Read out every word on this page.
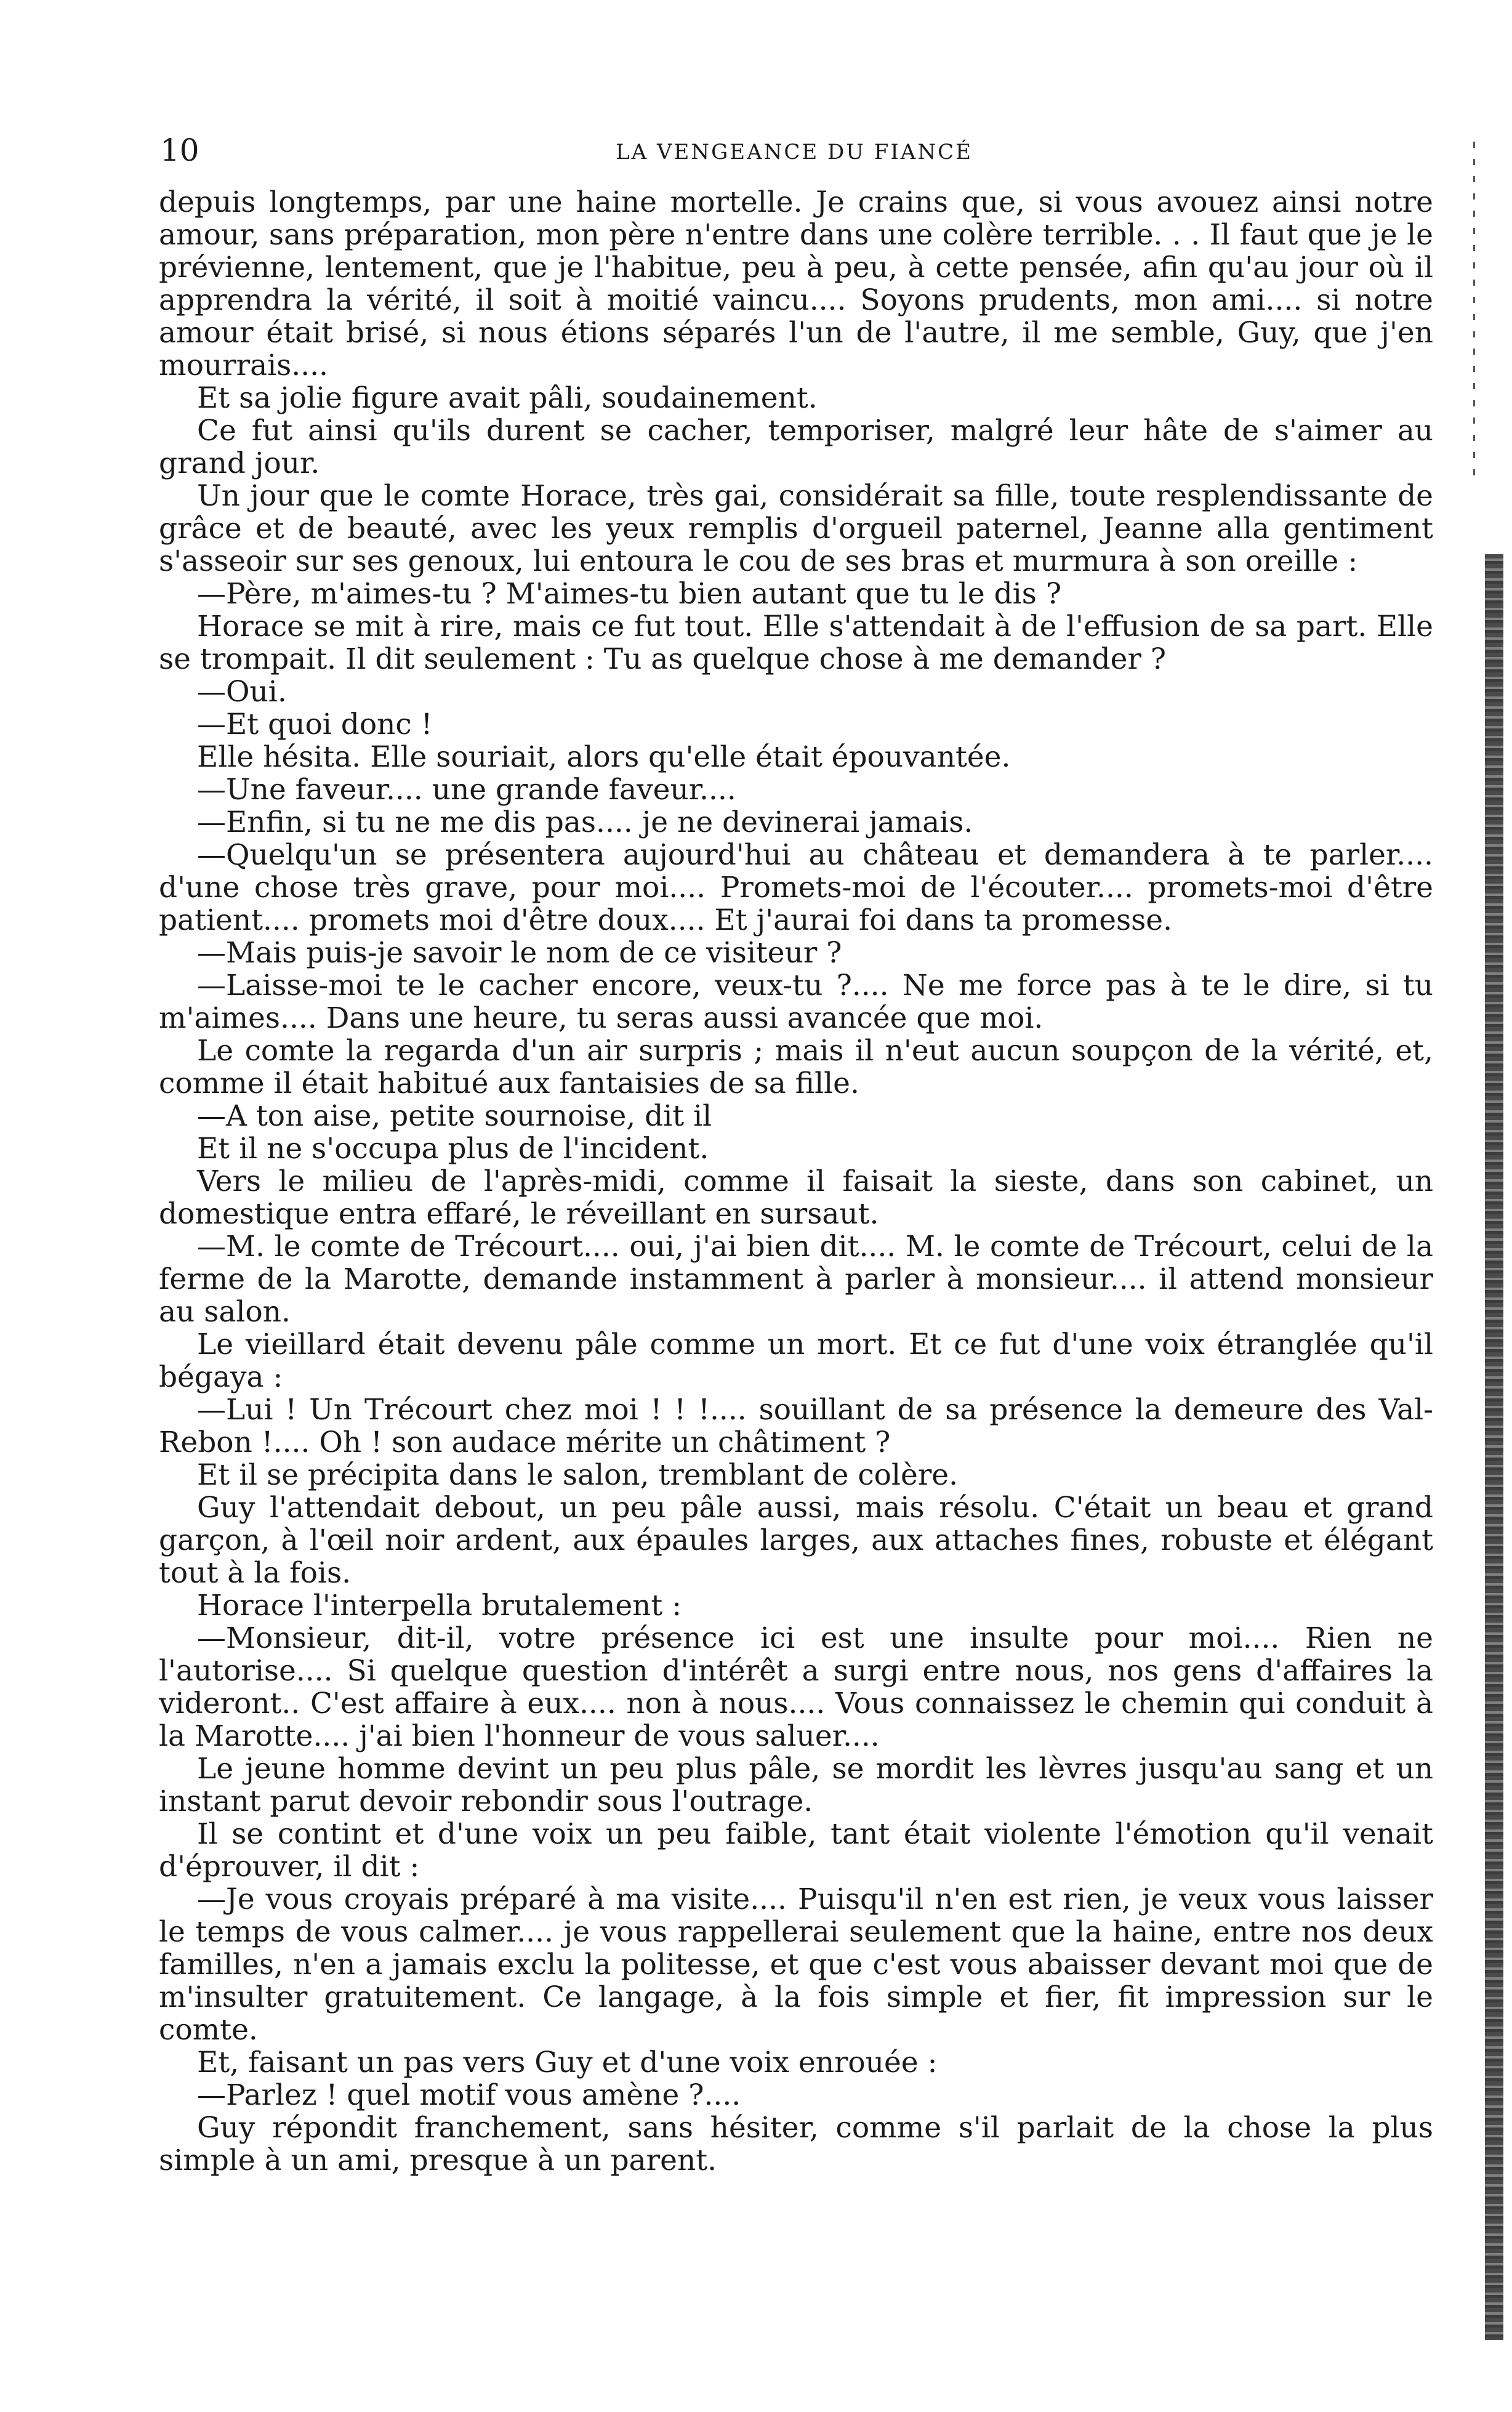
10	LA VENGEANCE DU FIANCÉ

depuis longtemps, par une haine mortelle. Je crains que, si vous avouez ainsi notre amour, sans préparation, mon père n'entre dans une colère terrible. . . Il faut que je le prévienne, lentement, que je l'habitue, peu à peu, à cette pensée, afin qu'au jour où il apprendra la vérité, il soit à moitié vaincu.... Soyons prudents, mon ami.... si notre amour était brisé, si nous étions séparés l'un de l'autre, il me semble, Guy, que j'en mourrais....

Et sa jolie figure avait pâli, soudainement.

Ce fut ainsi qu'ils durent se cacher, temporiser, malgré leur hâte de s'aimer au grand jour.

Un jour que le comte Horace, très gai, considérait sa fille, toute resplendissante de grâce et de beauté, avec les yeux remplis d'orgueil paternel, Jeanne alla gentiment s'asseoir sur ses genoux, lui entoura le cou de ses bras et murmura à son oreille :

—Père, m'aimes-tu ? M'aimes-tu bien autant que tu le dis ?

Horace se mit à rire, mais ce fut tout. Elle s'attendait à de l'effusion de sa part. Elle se trompait. Il dit seulement : Tu as quelque chose à me demander ?

—Oui.

—Et quoi donc !

Elle hésita. Elle souriait, alors qu'elle était épouvantée.

—Une faveur.... une grande faveur....

—Enfin, si tu ne me dis pas.... je ne devinerai jamais.

—Quelqu'un se présentera aujourd'hui au château et demandera à te parler.... d'une chose très grave, pour moi.... Promets-moi de l'écouter.... promets-moi d'être patient.... promets moi d'être doux.... Et j'aurai foi dans ta promesse.

—Mais puis-je savoir le nom de ce visiteur ?

—Laisse-moi te le cacher encore, veux-tu ?.... Ne me force pas à te le dire, si tu m'aimes.... Dans une heure, tu seras aussi avancée que moi.

Le comte la regarda d'un air surpris ; mais il n'eut aucun soupçon de la vérité, et, comme il était habitué aux fantaisies de sa fille.

—A ton aise, petite sournoise, dit il

Et il ne s'occupa plus de l'incident.

Vers le milieu de l'après-midi, comme il faisait la sieste, dans son cabinet, un domestique entra effaré, le réveillant en sursaut.

—M. le comte de Trécourt.... oui, j'ai bien dit.... M. le comte de Trécourt, celui de la ferme de la Marotte, demande instamment à parler à monsieur.... il attend monsieur au salon.

Le vieillard était devenu pâle comme un mort. Et ce fut d'une voix étranglée qu'il bégaya :

—Lui ! Un Trécourt chez moi ! ! !.... souillant de sa présence la demeure des Val-Rebon !.... Oh ! son audace mérite un châtiment ?

Et il se précipita dans le salon, tremblant de colère.

Guy l'attendait debout, un peu pâle aussi, mais résolu. C'était un beau et grand garçon, à l'œil noir ardent, aux épaules larges, aux attaches fines, robuste et élégant tout à la fois.

Horace l'interpella brutalement :

—Monsieur, dit-il, votre présence ici est une insulte pour moi.... Rien ne l'autorise.... Si quelque question d'intérêt a surgi entre nous, nos gens d'affaires la videront.. C'est affaire à eux.... non à nous.... Vous connaissez le chemin qui conduit à la Marotte.... j'ai bien l'honneur de vous saluer....

Le jeune homme devint un peu plus pâle, se mordit les lèvres jusqu'au sang et un instant parut devoir rebondir sous l'outrage.

Il se contint et d'une voix un peu faible, tant était violente l'émotion qu'il venait d'éprouver, il dit :

—Je vous croyais préparé à ma visite.... Puisqu'il n'en est rien, je veux vous laisser le temps de vous calmer.... je vous rappellerai seulement que la haine, entre nos deux familles, n'en a jamais exclu la politesse, et que c'est vous abaisser devant moi que de m'insulter gratuitement. Ce langage, à la fois simple et fier, fit impression sur le comte.

Et, faisant un pas vers Guy et d'une voix enrouée :

—Parlez ! quel motif vous amène ?....

Guy répondit franchement, sans hésiter, comme s'il parlait de la chose la plus simple à un ami, presque à un parent.
